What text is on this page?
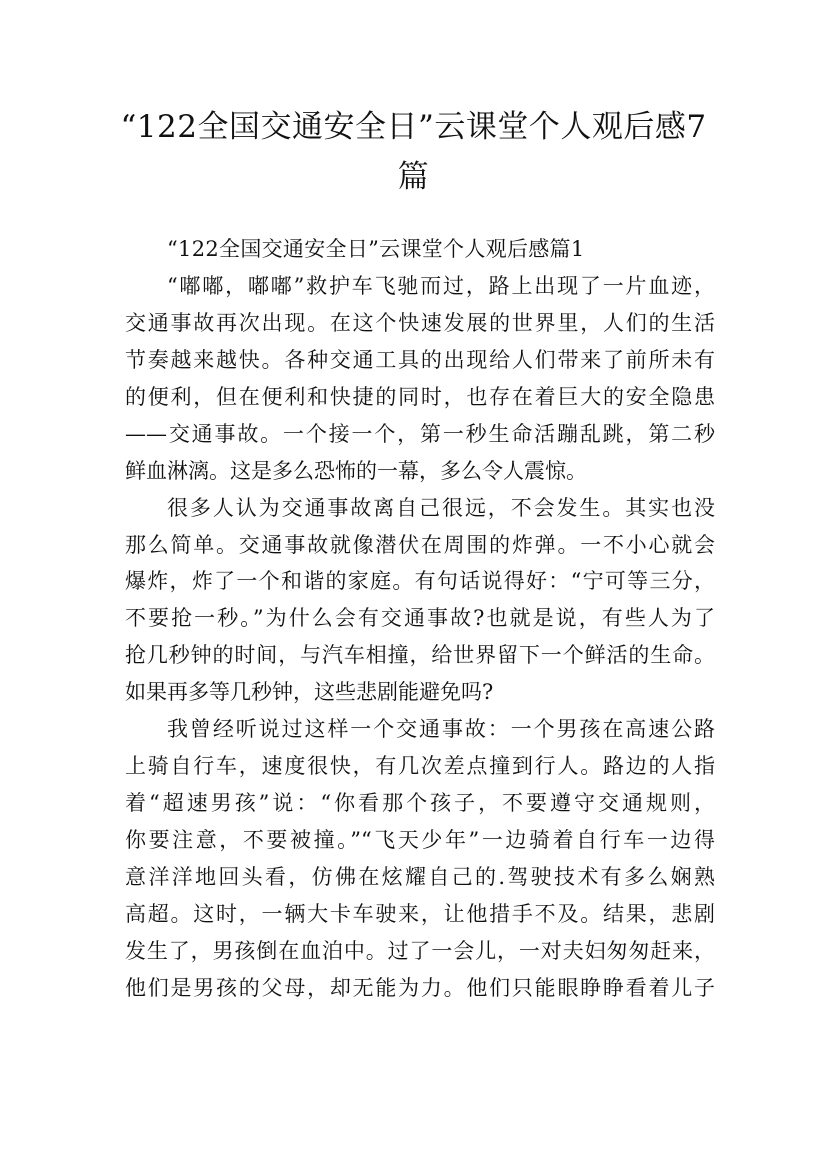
“122全国交通安全日”云课堂个人观后感7
篇
“122全国交通安全日”云课堂个人观后感篇1
“嘟嘟，嘟嘟”救护车飞驰而过，路上出现了一片血迹，
交通事故再次出现。在这个快速发展的世界里，人们的生活
节奏越来越快。各种交通工具的出现给人们带来了前所未有
的便利，但在便利和快捷的同时，也存在着巨大的安全隐患
——交通事故。一个接一个，第一秒生命活蹦乱跳，第二秒
鲜血淋漓。这是多么恐怖的一幕，多么令人震惊。
很多人认为交通事故离自己很远，不会发生。其实也没
那么简单。交通事故就像潜伏在周围的炸弹。一不小心就会
爆炸，炸了一个和谐的家庭。有句话说得好：“宁可等三分，
不要抢一秒。”为什么会有交通事故?也就是说，有些人为了
抢几秒钟的时间，与汽车相撞，给世界留下一个鲜活的生命。
如果再多等几秒钟，这些悲剧能避免吗?
我曾经听说过这样一个交通事故：一个男孩在高速公路
上骑自行车，速度很快，有几次差点撞到行人。路边的人指
着“超速男孩”说：“你看那个孩子，不要遵守交通规则，
你要注意，不要被撞。”“飞天少年”一边骑着自行车一边得
意洋洋地回头看，仿佛在炫耀自己的.驾驶技术有多么娴熟
高超。这时，一辆大卡车驶来，让他措手不及。结果，悲剧
发生了，男孩倒在血泊中。过了一会儿，一对夫妇匆匆赶来，
他们是男孩的父母，却无能为力。他们只能眼睁睁看着儿子
